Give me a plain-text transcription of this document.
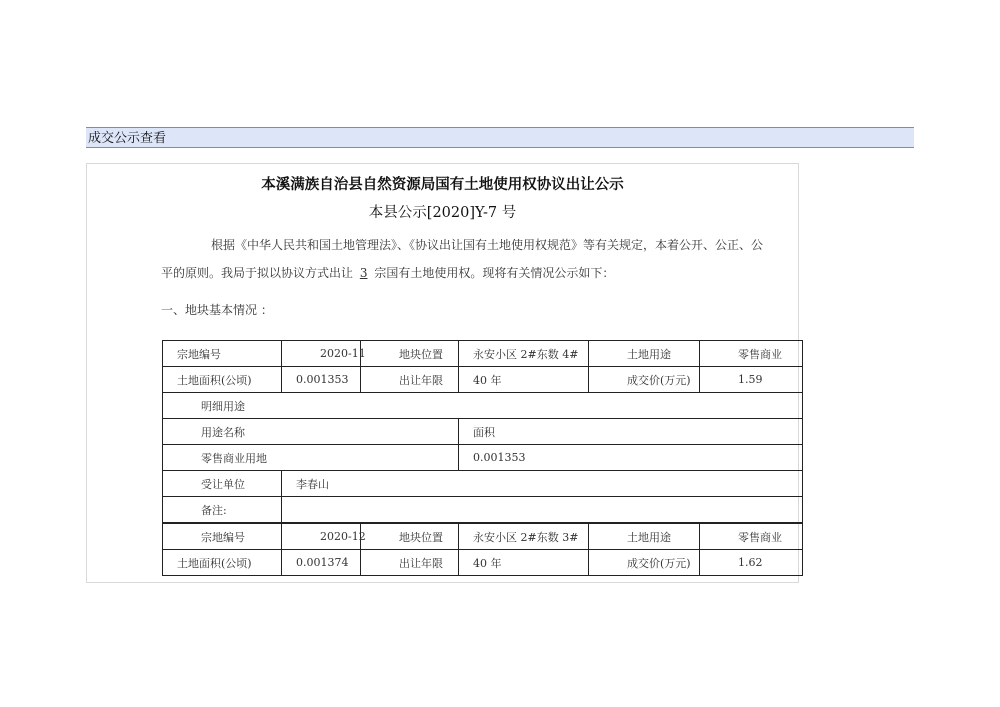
成交公示查看
本溪满族自治县自然资源局国有土地使用权协议出让公示
本县公示[2020]Y-7 号
根据《中华人民共和国土地管理法》、《协议出让国有土地使用权规范》等有关规定，本着公开、公正、公
平的原则。我局于拟以协议方式出让 3 宗国有土地使用权。现将有关情况公示如下：
一、地块基本情况 ：
宗地编号	2020-11	地块位置	永安小区 2#东数 4#	土地用途	零售商业
土地面积(公顷)	0.001353	出让年限	40 年	成交价(万元)	1.59
明细用途					
用途名称			面积		
零售商业用地			0.001353		
受让单位	李春山				
备注:					
宗地编号	2020-12	地块位置	永安小区 2#东数 3#	土地用途	零售商业
土地面积(公顷)	0.001374	出让年限	40 年	成交价(万元)	1.62
